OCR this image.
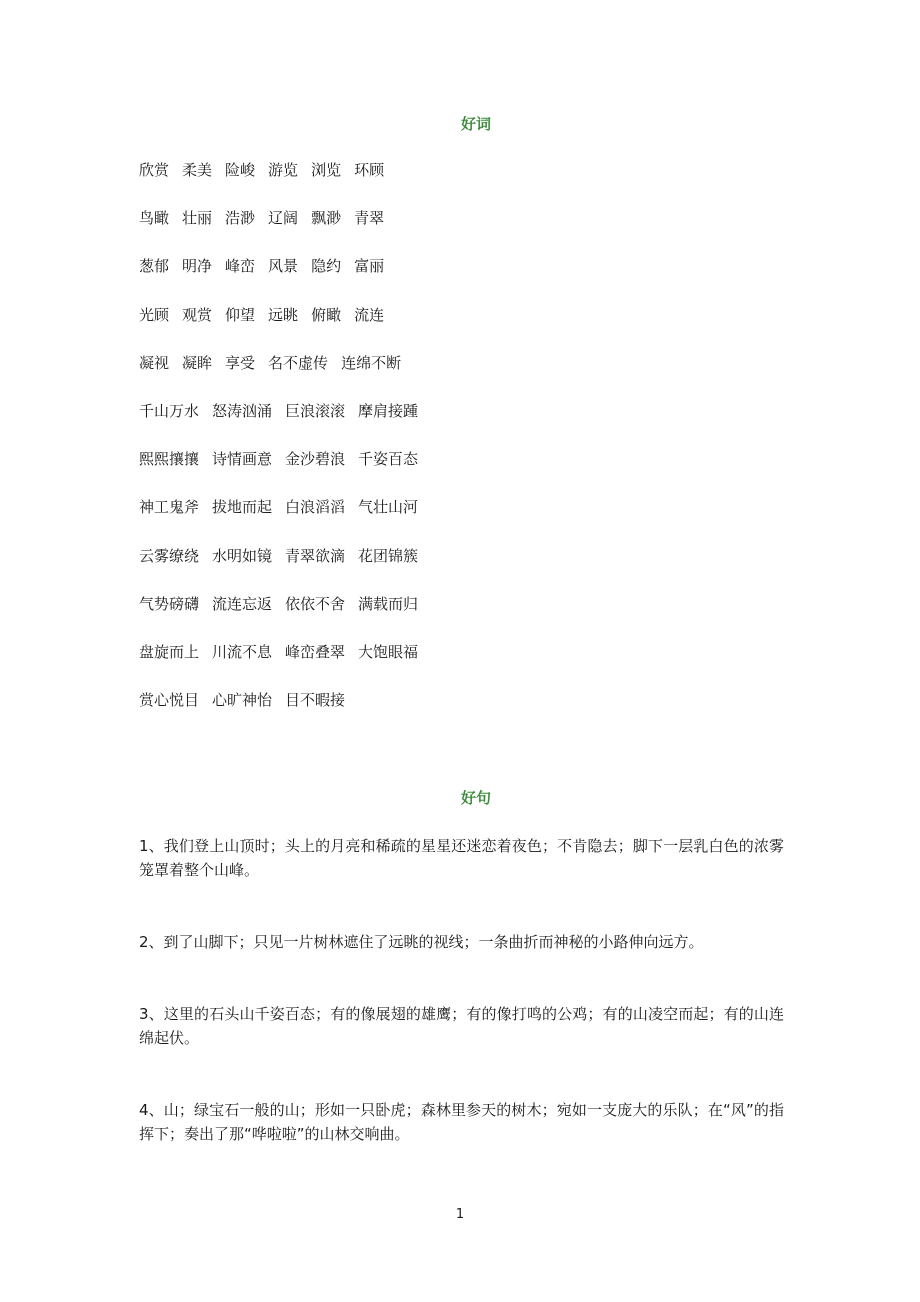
好词
欣赏 柔美 险峻 游览 浏览 环顾
鸟瞰 壮丽 浩渺 辽阔 飘渺 青翠
葱郁 明净 峰峦 风景 隐约 富丽
光顾 观赏 仰望 远眺 俯瞰 流连
凝视 凝眸 享受 名不虚传 连绵不断
千山万水 怒涛汹涌 巨浪滚滚 摩肩接踵
熙熙攘攘 诗情画意 金沙碧浪 千姿百态
神工鬼斧 拔地而起 白浪滔滔 气壮山河
云雾缭绕 水明如镜 青翠欲滴 花团锦簇
气势磅礴 流连忘返 依依不舍 满载而归
盘旋而上 川流不息 峰峦叠翠 大饱眼福
赏心悦目 心旷神怡 目不暇接
好句

1、我们登上山顶时；头上的月亮和稀疏的星星还迷恋着夜色；不肯隐去；脚下一层乳白色的浓雾笼罩着整个山峰。

2、到了山脚下；只见一片树林遮住了远眺的视线；一条曲折而神秘的小路伸向远方。

3、这里的石头山千姿百态；有的像展翅的雄鹰；有的像打鸣的公鸡；有的山凌空而起；有的山连绵起伏。

4、山；绿宝石一般的山；形如一只卧虎；森林里参天的树木；宛如一支庞大的乐队；在“风”的指挥下；奏出了那“哗啦啦”的山林交响曲。

1
